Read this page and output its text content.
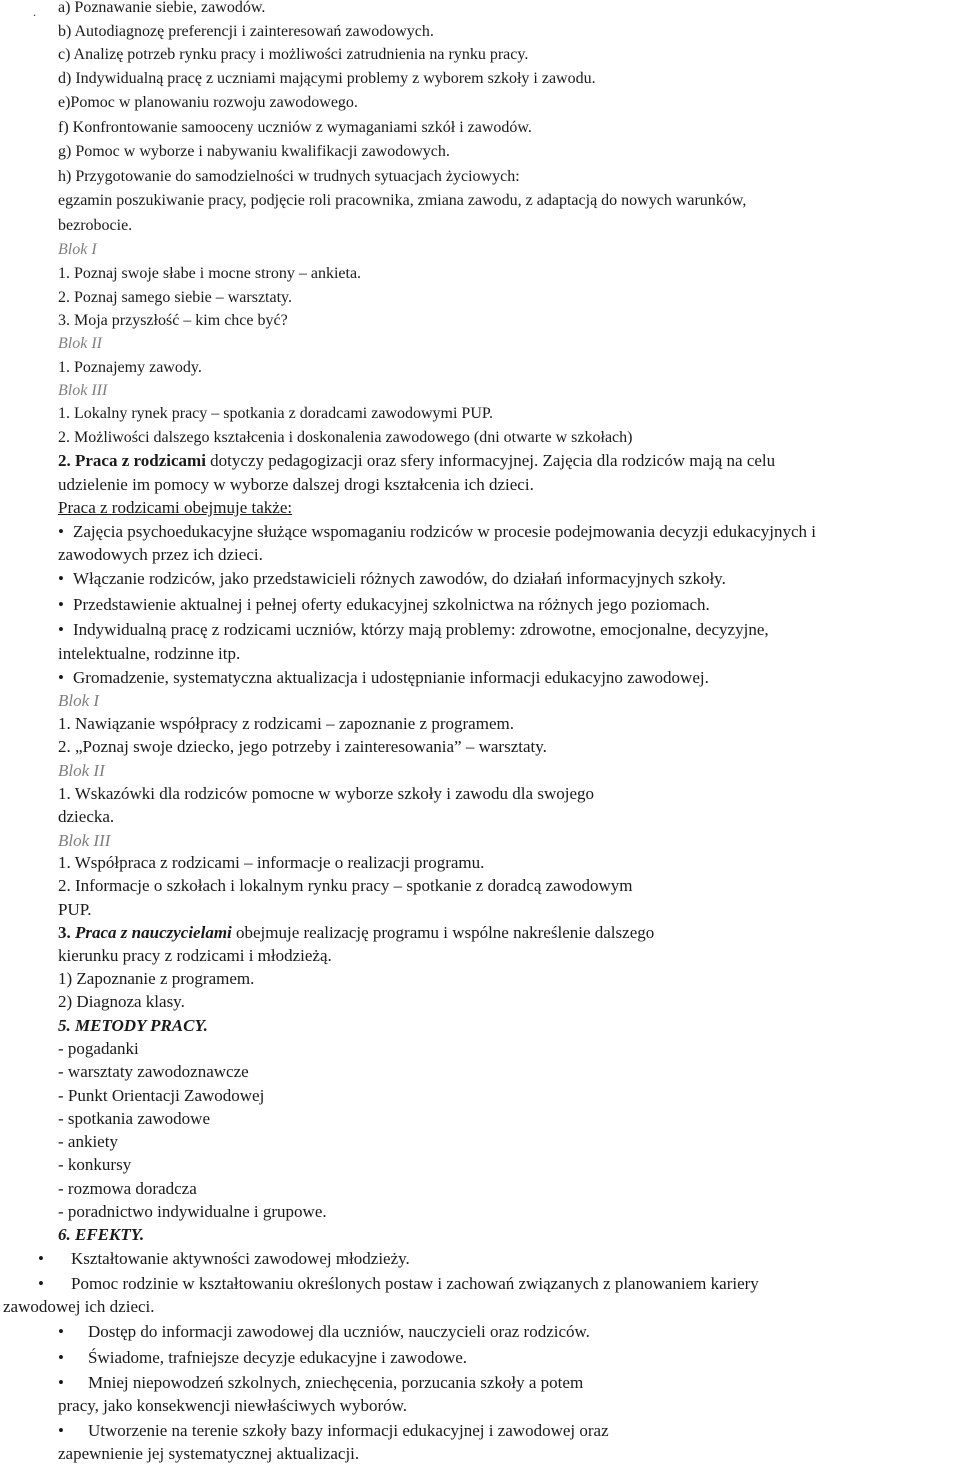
. a) Poznawanie siebie, zawodów.
b) Autodiagnozę preferencji i zainteresowań zawodowych.
c) Analizę potrzeb rynku pracy i możliwości zatrudnienia na rynku pracy.
d) Indywidualną pracę z uczniami mającymi problemy z wyborem szkoły i zawodu.
e)Pomoc w planowaniu rozwoju zawodowego.
f) Konfrontowanie samooceny uczniów z wymaganiami szkół i zawodów.
g) Pomoc w wyborze i nabywaniu kwalifikacji zawodowych.
h) Przygotowanie do samodzielności w trudnych sytuacjach życiowych:
egzamin poszukiwanie pracy, podjęcie roli pracownika, zmiana zawodu, z adaptacją do nowych warunków,
bezrobocie.
Blok I
1. Poznaj swoje słabe i mocne strony – ankieta.
2. Poznaj samego siebie – warsztaty.
3. Moja przyszłość – kim chce być?
Blok II
1. Poznajemy zawody.
Blok III
1. Lokalny rynek pracy – spotkania z doradcami zawodowymi PUP.
2. Możliwości dalszego kształcenia i doskonalenia zawodowego (dni otwarte w szkołach)
2. Praca z rodzicami dotyczy pedagogizacji oraz sfery informacyjnej. Zajęcia dla rodziców mają na celu
udzielenie im pomocy w wyborze dalszej drogi kształcenia ich dzieci.
Praca z rodzicami obejmuje także:
• Zajęcia psychoedukacyjne służące wspomaganiu rodziców w procesie podejmowania decyzji edukacyjnych i
zawodowych przez ich dzieci.
• Włączanie rodziców, jako przedstawicieli różnych zawodów, do działań informacyjnych szkoły.
• Przedstawienie aktualnej i pełnej oferty edukacyjnej szkolnictwa na różnych jego poziomach.
• Indywidualną pracę z rodzicami uczniów, którzy mają problemy: zdrowotne, emocjonalne, decyzyjne,
intelektualne, rodzinne itp.
• Gromadzenie, systematyczna aktualizacja i udostępnianie informacji edukacyjno zawodowej.
Blok I
1. Nawiązanie współpracy z rodzicami – zapoznanie z programem.
2. „Poznaj swoje dziecko, jego potrzeby i zainteresowania” – warsztaty.
Blok II
1. Wskazówki dla rodziców pomocne w wyborze szkoły i zawodu dla swojego
dziecka.
Blok III
1. Współpraca z rodzicami – informacje o realizacji programu.
2. Informacje o szkołach i lokalnym rynku pracy – spotkanie z doradcą zawodowym
PUP.
3. Praca z nauczycielami obejmuje realizację programu i wspólne nakreślenie dalszego
kierunku pracy z rodzicami i młodzieżą.
1) Zapoznanie z programem.
2) Diagnoza klasy.
5. METODY PRACY.
- pogadanki
- warsztaty zawodoznawcze
- Punkt Orientacji Zawodowej
- spotkania zawodowe
- ankiety
- konkursy
- rozmowa doradcza
- poradnictwo indywidualne i grupowe.
6. EFEKTY.
• Kształtowanie aktywności zawodowej młodzieży.
• Pomoc rodzinie w kształtowaniu określonych postaw i zachowań związanych z planowaniem kariery
zawodowej ich dzieci.
• Dostęp do informacji zawodowej dla uczniów, nauczycieli oraz rodziców.
• Świadome, trafniejsze decyzje edukacyjne i zawodowe.
• Mniej niepowodzeń szkolnych, zniechęcenia, porzucania szkoły a potem
pracy, jako konsekwencji niewłaściwych wyborów.
• Utworzenie na terenie szkoły bazy informacji edukacyjnej i zawodowej oraz
zapewnienie jej systematycznej aktualizacji.
